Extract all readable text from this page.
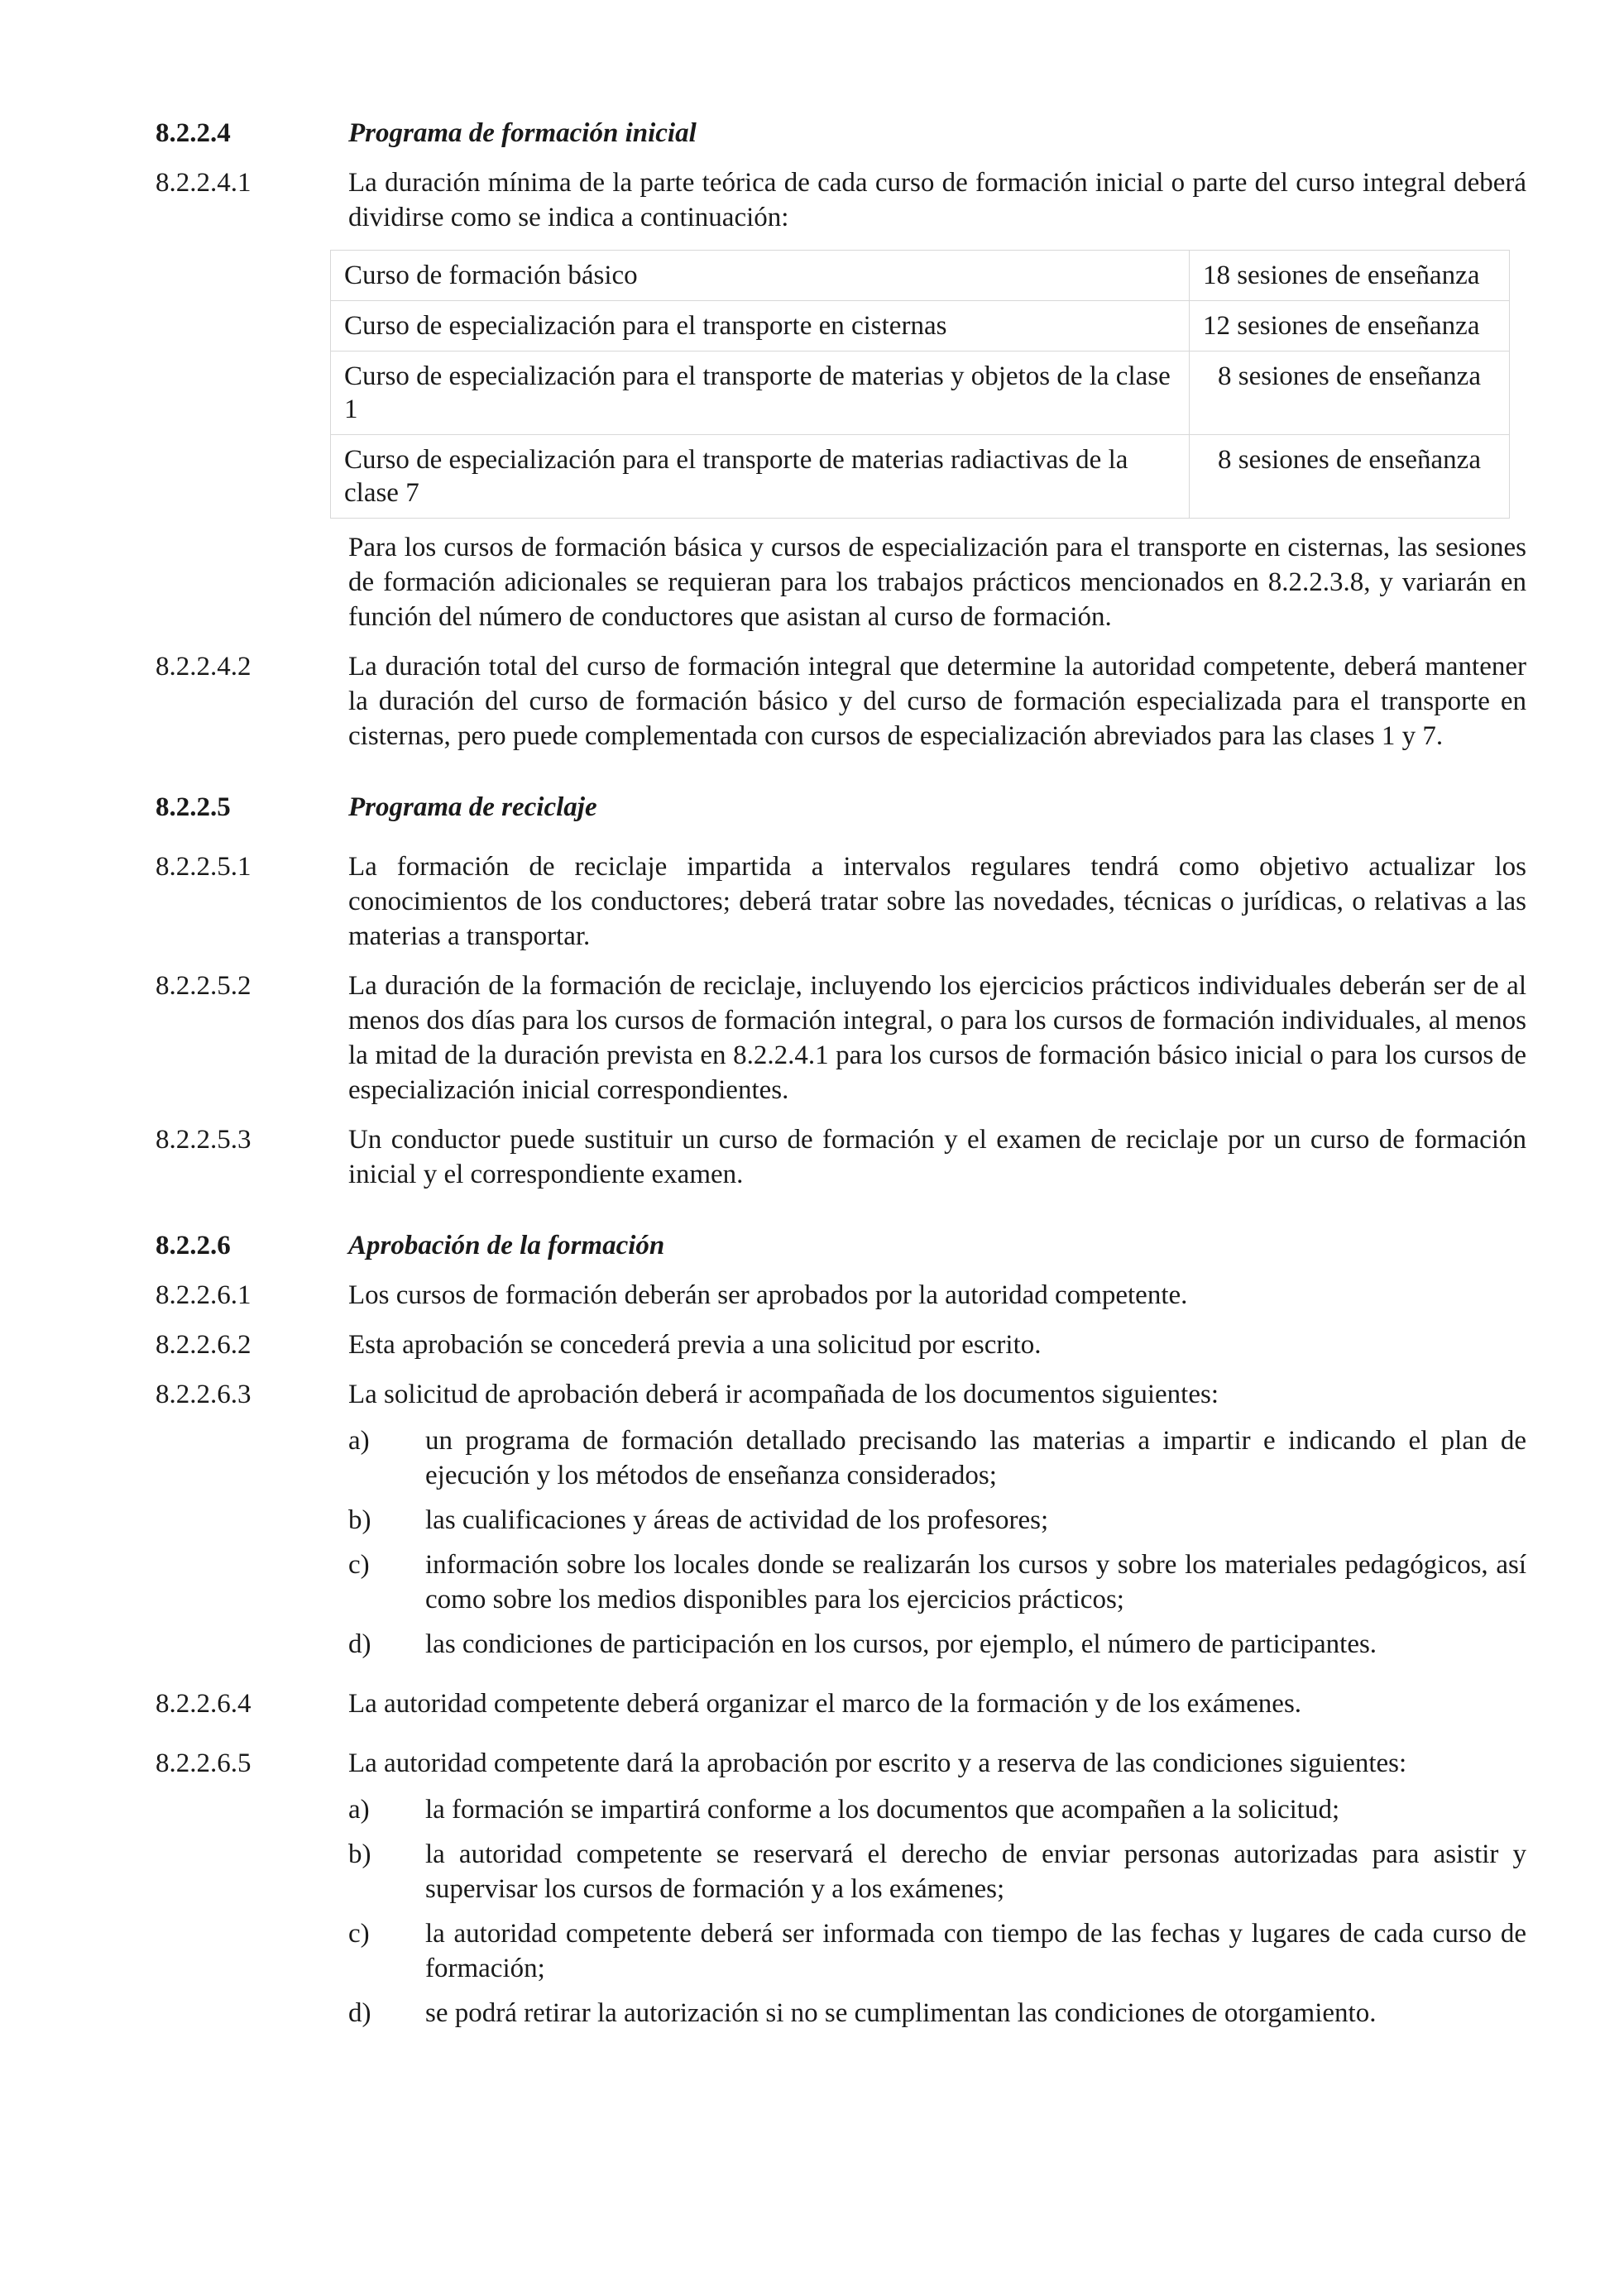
8.2.2.4	Programa de formación inicial
8.2.2.4.1	La duración mínima de la parte teórica de cada curso de formación inicial o parte del curso integral deberá dividirse como se indica a continuación:
Curso de formación básico	18 sesiones de enseñanza
Curso de especialización para el transporte en cisternas	12 sesiones de enseñanza
Curso de especialización para el transporte de materias y objetos de la clase 1	8 sesiones de enseñanza
Curso de especialización para el transporte de materias radiactivas de la clase 7	8 sesiones de enseñanza
Para los cursos de formación básica y cursos de especialización para el transporte en cisternas, las sesiones de formación adicionales se requieran para los trabajos prácticos mencionados en 8.2.2.3.8, y variarán en función del número de conductores que asistan al curso de formación.
8.2.2.4.2	La duración total del curso de formación integral que determine la autoridad competente, deberá mantener la duración del curso de formación básico y del curso de formación especializada para el transporte en cisternas, pero puede complementada con cursos de especialización abreviados para las clases 1 y 7.
8.2.2.5	Programa de reciclaje
8.2.2.5.1	La formación de reciclaje impartida a intervalos regulares tendrá como objetivo actualizar los conocimientos de los conductores; deberá tratar sobre las novedades, técnicas o jurídicas, o relativas a las materias a transportar.
8.2.2.5.2	La duración de la formación de reciclaje, incluyendo los ejercicios prácticos individuales deberán ser de al menos dos días para los cursos de formación integral, o para los cursos de formación individuales, al menos la mitad de la duración prevista en 8.2.2.4.1 para los cursos de formación básico inicial o para los cursos de especialización inicial correspondientes.
8.2.2.5.3	Un conductor puede sustituir un curso de formación y el examen de reciclaje por un curso de formación inicial y el correspondiente examen.
8.2.2.6	Aprobación de la formación
8.2.2.6.1	Los cursos de formación deberán ser aprobados por la autoridad competente.
8.2.2.6.2	Esta aprobación se concederá previa a una solicitud por escrito.
8.2.2.6.3	La solicitud de aprobación deberá ir acompañada de los documentos siguientes:
a)	un programa de formación detallado precisando las materias a impartir e indicando el plan de ejecución y los métodos de enseñanza considerados;
b)	las cualificaciones y áreas de actividad de los profesores;
c)	información sobre los locales donde se realizarán los cursos y sobre los materiales pedagógicos, así como sobre los medios disponibles para los ejercicios prácticos;
d)	las condiciones de participación en los cursos, por ejemplo, el número de participantes.
8.2.2.6.4	La autoridad competente deberá organizar el marco de la formación y de los exámenes.
8.2.2.6.5	La autoridad competente dará la aprobación por escrito y a reserva de las condiciones siguientes:
a)	la formación se impartirá conforme a los documentos que acompañen a la solicitud;
b)	la autoridad competente se reservará el derecho de enviar personas autorizadas para asistir y supervisar los cursos de formación y a los exámenes;
c)	la autoridad competente deberá ser informada con tiempo de las fechas y lugares de cada curso de formación;
d)	se podrá retirar la autorización si no se cumplimentan las condiciones de otorgamiento.
